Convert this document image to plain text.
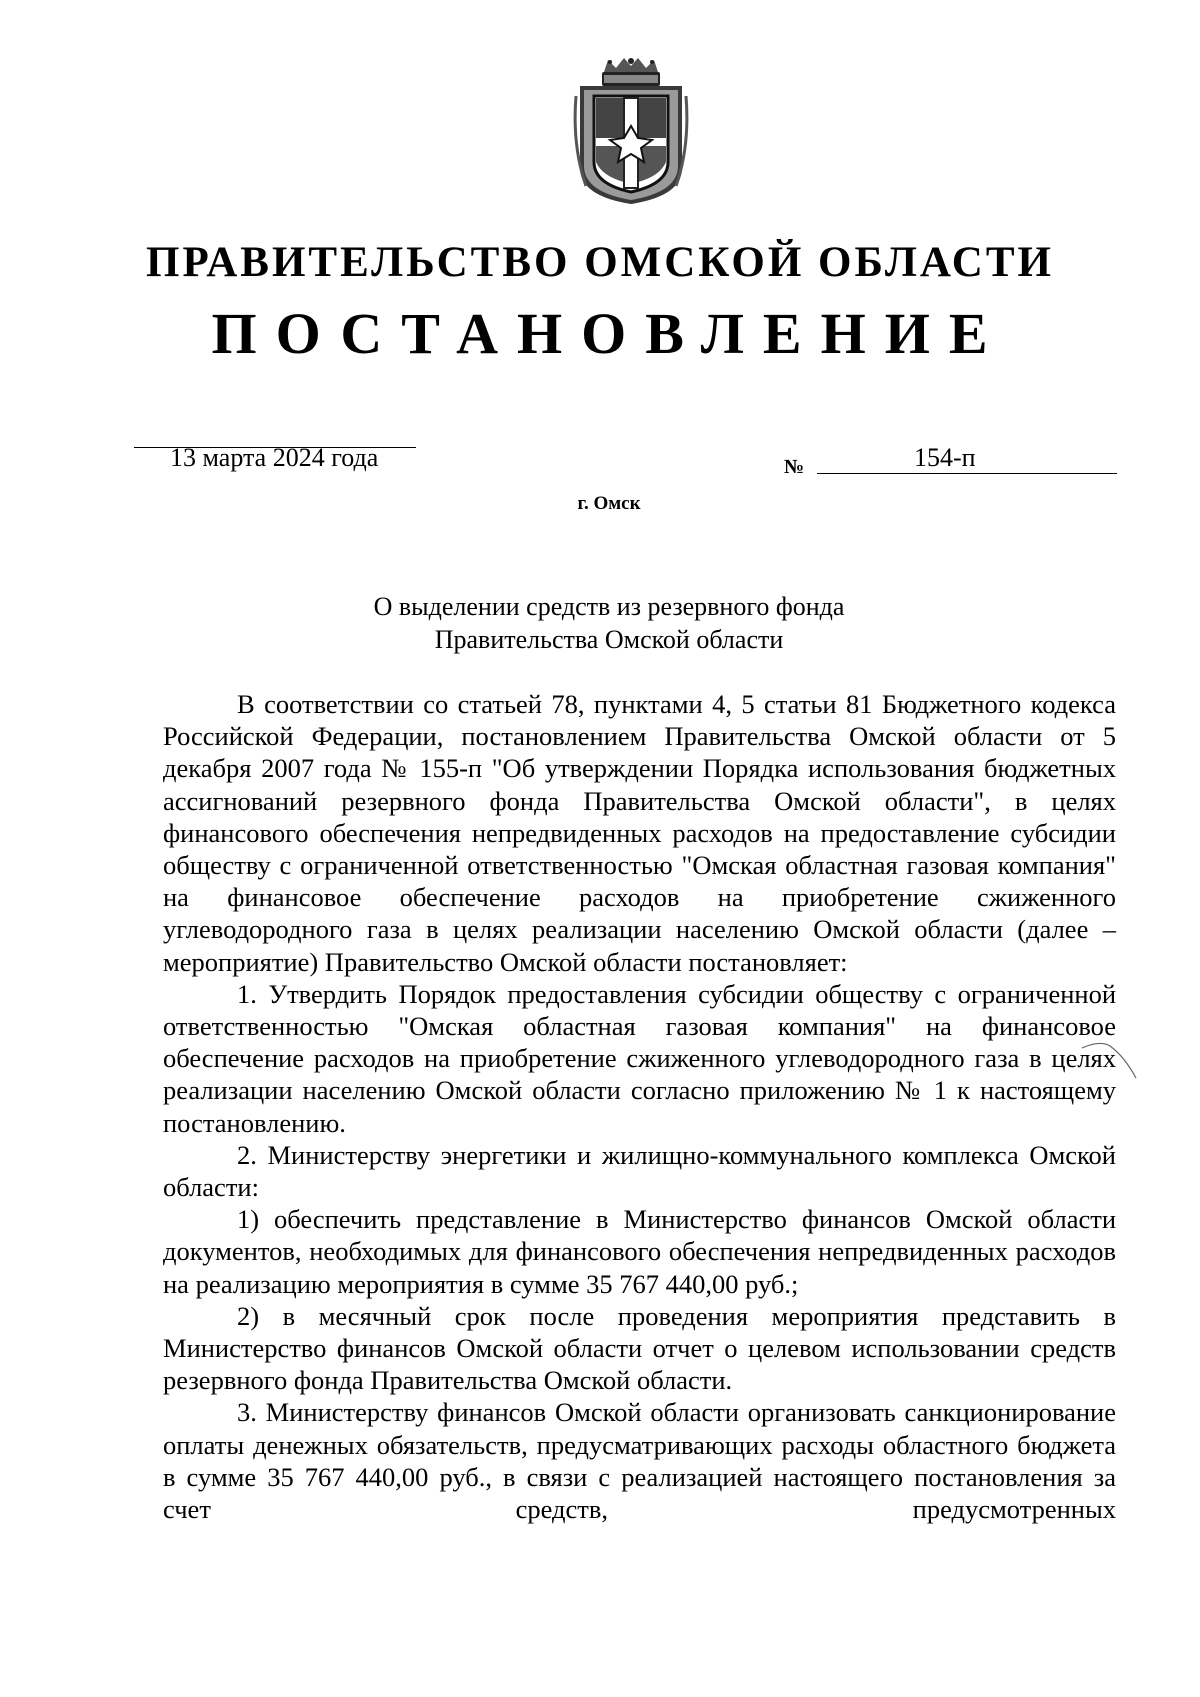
ПРАВИТЕЛЬСТВО ОМСКОЙ ОБЛАСТИ
ПОСТАНОВЛЕНИЕ
13 марта 2024 года	№	154-п
г. Омск
О выделении средств из резервного фонда
Правительства Омской области

В соответствии со статьей 78, пунктами 4, 5 статьи 81 Бюджетного кодекса Российской Федерации, постановлением Правительства Омской области от 5 декабря 2007 года № 155-п "Об утверждении Порядка использования бюджетных ассигнований резервного фонда Правительства Омской области", в целях финансового обеспечения непредвиденных расходов на предоставление субсидии обществу с ограниченной ответственностью "Омская областная газовая компания" на финансовое обеспечение расходов на приобретение сжиженного углеводородного газа в целях реализации населению Омской области (далее – мероприятие) Правительство Омской области постановляет:

1. Утвердить Порядок предоставления субсидии обществу с ограниченной ответственностью "Омская областная газовая компания" на финансовое обеспечение расходов на приобретение сжиженного углеводородного газа в целях реализации населению Омской области согласно приложению № 1 к настоящему постановлению.

2. Министерству энергетики и жилищно-коммунального комплекса Омской области:

1) обеспечить представление в Министерство финансов Омской области документов, необходимых для финансового обеспечения непредвиденных расходов на реализацию мероприятия в сумме 35 767 440,00 руб.;

2) в месячный срок после проведения мероприятия представить в Министерство финансов Омской области отчет о целевом использовании средств резервного фонда Правительства Омской области.

3. Министерству финансов Омской области организовать санкционирование оплаты денежных обязательств, предусматривающих расходы областного бюджета в сумме 35 767 440,00 руб., в связи с реализацией настоящего постановления за счет средств, предусмотренных
